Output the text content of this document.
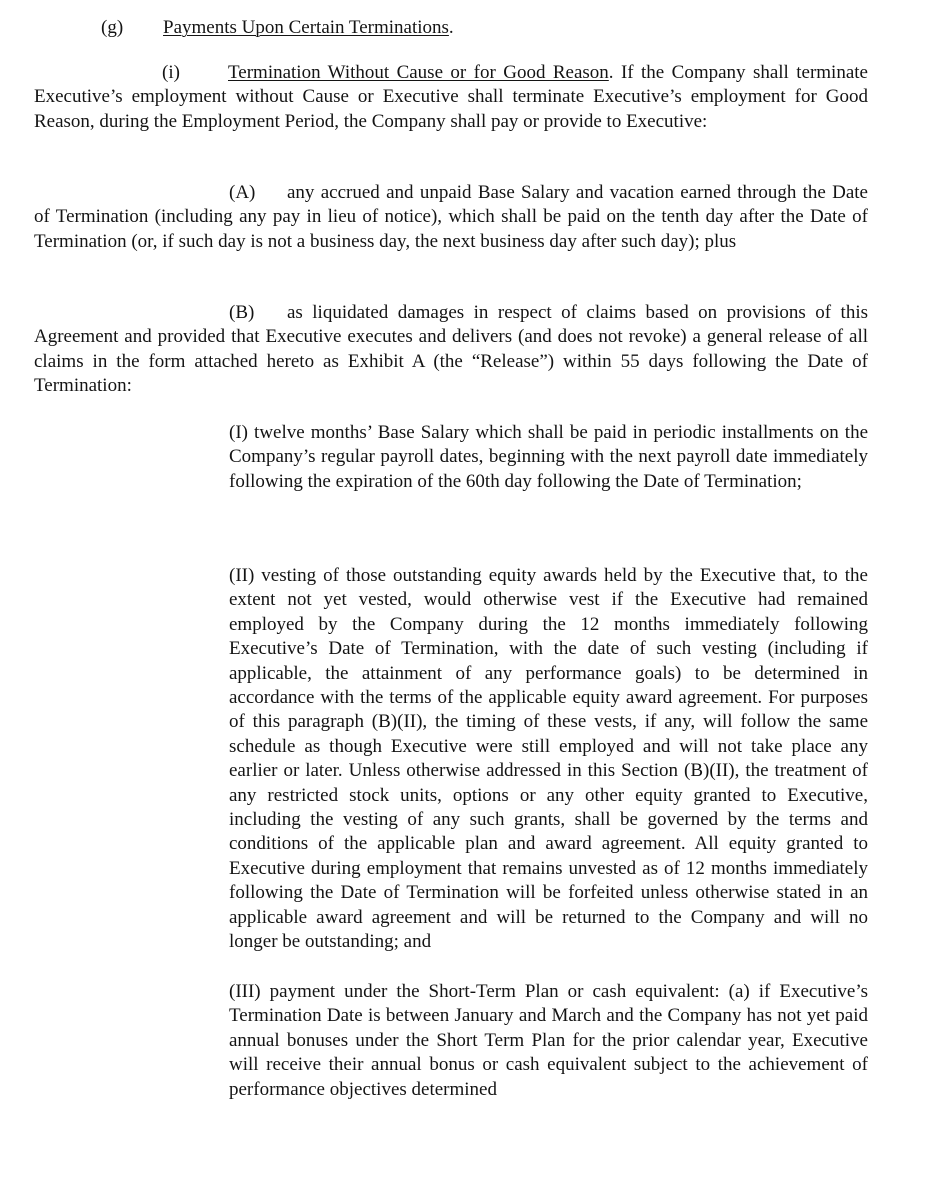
(g) Payments Upon Certain Terminations.

(i)	Termination Without Cause or for Good Reason. If the Company shall terminate Executive’s employment without Cause or Executive shall terminate Executive’s employment for Good Reason, during the Employment Period, the Company shall pay or provide to Executive:

(A) any accrued and unpaid Base Salary and vacation earned through the Date of Termination (including any pay in lieu of notice), which shall be paid on the tenth day after the Date of Termination (or, if such day is not a business day, the next business day after such day); plus

(B) as liquidated damages in respect of claims based on provisions of this Agreement and provided that Executive executes and delivers (and does not revoke) a general release of all claims in the form attached hereto as Exhibit A (the “Release”) within 55 days following the Date of Termination:

(I) twelve months’ Base Salary which shall be paid in periodic installments on the Company’s regular payroll dates, beginning with the next payroll date immediately following the expiration of the 60th day following the Date of Termination;

(II) vesting of those outstanding equity awards held by the Executive that, to the extent not yet vested, would otherwise vest if the Executive had remained employed by the Company during the 12 months immediately following Executive’s Date of Termination, with the date of such vesting (including if applicable, the attainment of any performance goals) to be determined in accordance with the terms of the applicable equity award agreement. For purposes of this paragraph (B)(II), the timing of these vests, if any, will follow the same schedule as though Executive were still employed and will not take place any earlier or later. Unless otherwise addressed in this Section (B)(II), the treatment of any restricted stock units, options or any other equity granted to Executive, including the vesting of any such grants, shall be governed by the terms and conditions of the applicable plan and award agreement. All equity granted to Executive during employment that remains unvested as of 12 months immediately following the Date of Termination will be forfeited unless otherwise stated in an applicable award agreement and will be returned to the Company and will no longer be outstanding; and

(III) payment under the Short-Term Plan or cash equivalent: (a) if Executive’s Termination Date is between January and March and the Company has not yet paid annual bonuses under the Short Term Plan for the prior calendar year, Executive will receive their annual bonus or cash equivalent subject to the achievement of performance objectives determined
